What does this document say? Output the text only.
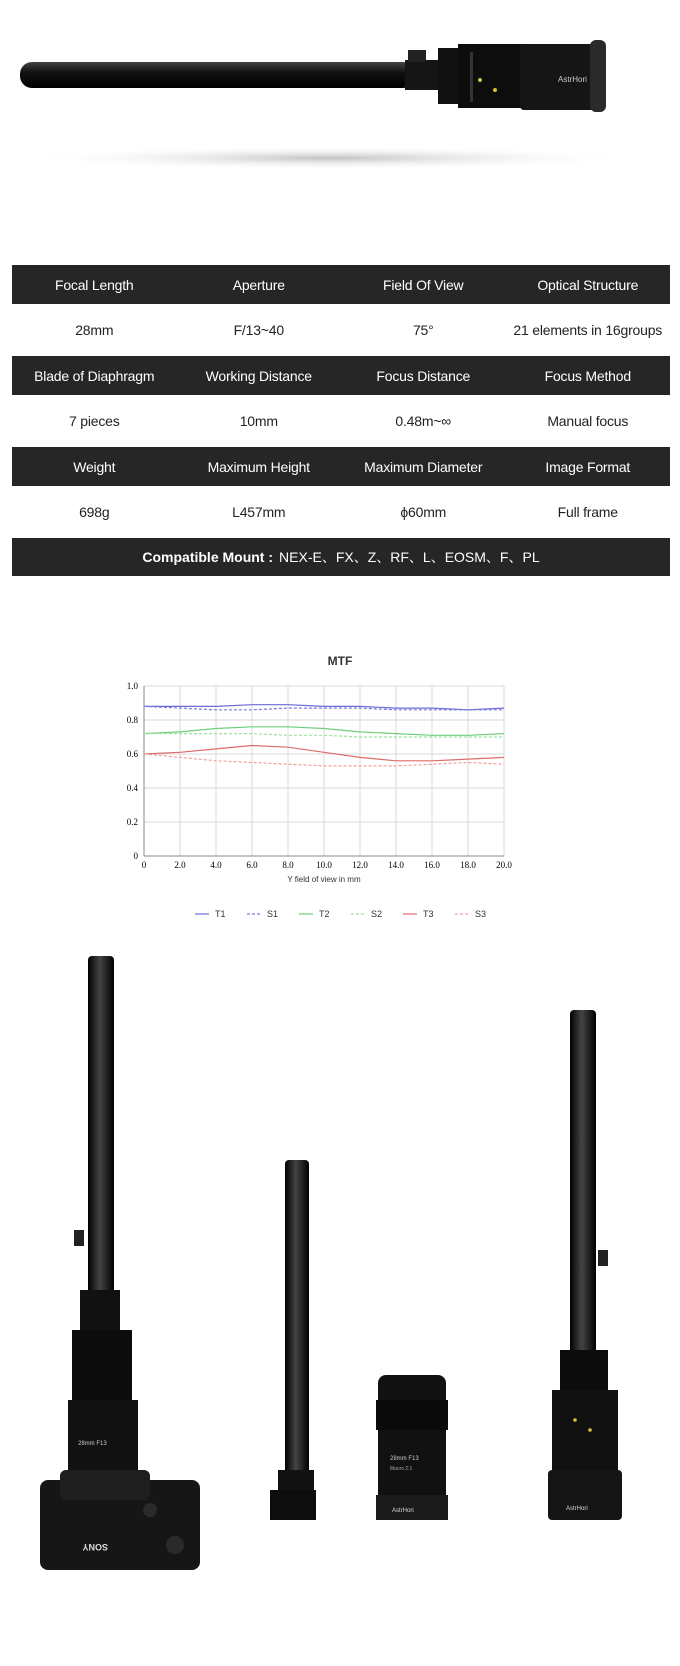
AstrHori
Focal Length	Aperture	Field Of View	Optical Structure
28mm	F/13~40	75°	21 elements in 16groups
Blade of Diaphragm	Working Distance	Focus Distance	Focus Method
7 pieces	10mm	0.48m~∞	Manual focus
Weight	Maximum Height	Maximum Diameter	Image Format
698g	L457mm	ϕ60mm	Full frame
Compatible Mount : NEX-E、FX、Z、RF、L、EOSM、F、PL
MTF
0	2.0	4.0	6.0	8.0	10.0 12.0 14.0 16.0 18.0 20.0
0
0.2
0.4
0.6
0.8
1.0
Y field of view in mm
T1	S1	T2	S2	T3	S3
28mm F13
SONY
28mm F13
Macro 2:1
AstrHori	AstrHori
